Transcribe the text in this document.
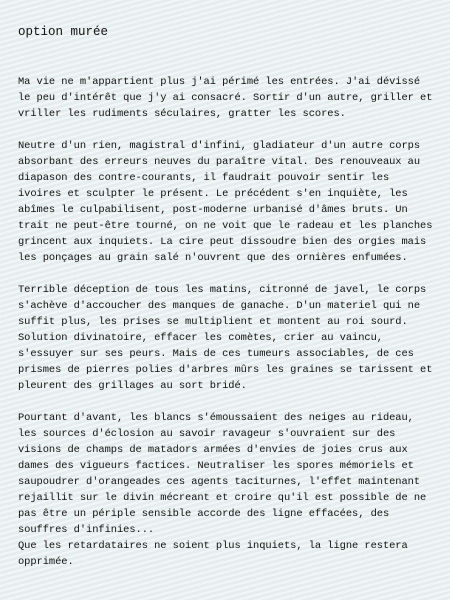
option murée

Ma vie ne m'appartient plus j'ai périmé les entrées. J'ai dévissé le peu d'intérêt que j'y ai consacré. Sortir d'un autre, griller et vriller les rudiments séculaires, gratter les scores.

Neutre d'un rien, magistral d'infini, gladiateur d'un autre corps absorbant des erreurs neuves du paraître vital. Des renouveaux au diapason des contre-courants, il faudrait pouvoir sentir les ivoires et sculpter le présent. Le précédent s'en inquiète, les abîmes le culpabilisent, post-moderne urbanisé d'âmes bruts. Un trait ne peut-être tourné, on ne voit que le radeau et les planches grincent aux inquiets. La cire peut dissoudre bien des orgies mais les ponçages au grain salé n'ouvrent que des ornières enfumées.

Terrible déception de tous les matins, citronné de javel, le corps s'achève d'accoucher des manques de ganache. D'un materiel qui ne suffit plus, les prises se multiplient et montent au roi sourd. Solution divinatoire, effacer les comètes, crier au vaincu, s'essuyer sur ses peurs. Mais de ces tumeurs associables, de ces prismes de pierres polies d'arbres mûrs les graines se tarissent et pleurent des grillages au sort bridé.

Pourtant d'avant, les blancs s'émoussaient des neiges au rideau, les sources d'éclosion au savoir ravageur s'ouvraient sur des visions de champs de matadors armées d'envies de joies crus aux dames des vigueurs factices. Neutraliser les spores mémoriels et saupoudrer d'orangeades ces agents taciturnes, l'effet maintenant rejaillit sur le divin mécreant et croire qu'il est possible de ne pas être un périple sensible accorde des ligne effacées, des souffres d'infinies...

Que les retardataires ne soient plus inquiets, la ligne restera opprimée.
